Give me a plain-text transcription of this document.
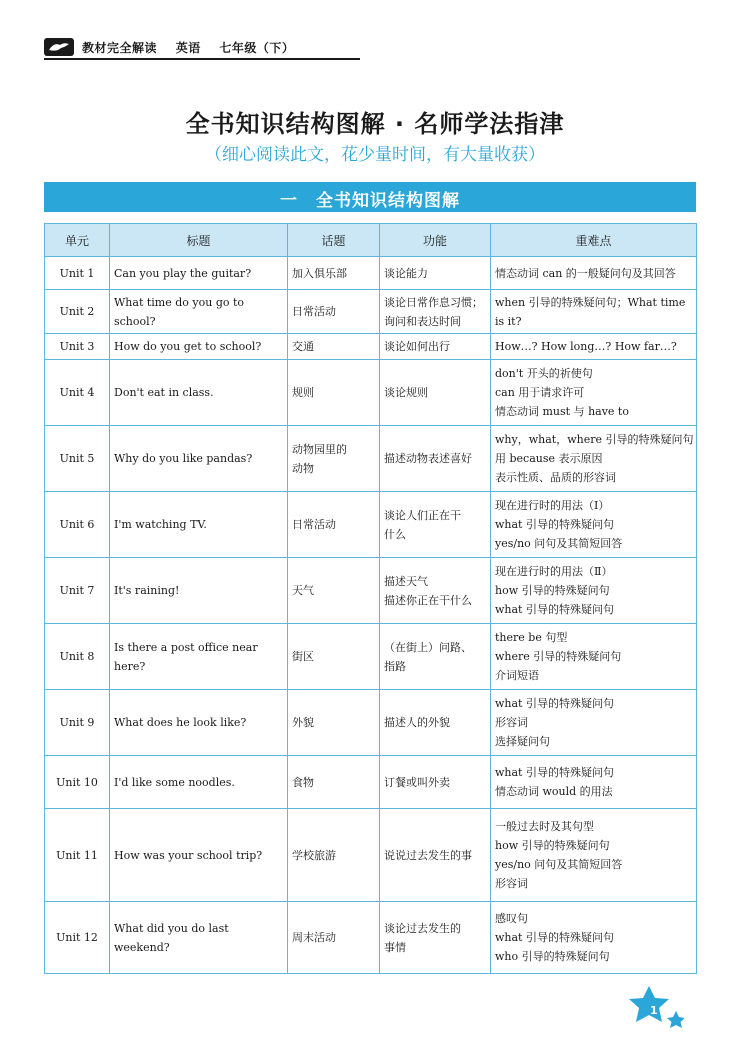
教材完全解读 英语 七年级（下）
全书知识结构图解 · 名师学法指津
（细心阅读此文，花少量时间，有大量收获）
一　全书知识结构图解
单元	标题	话题	功能	重难点
Unit 1	Can you play the guitar?	加入俱乐部	谈论能力	情态动词 can 的一般疑问句及其回答

Unit 2	What time do you go to school?	日常活动	谈论日常作息习惯；
询问和表达时间	when 引导的特殊疑问句；What time
is it?

Unit 3	How do you get to school?	交通	谈论如何出行	How…? How long…? How far…?

Unit 4	Don't eat in class.	规则	谈论规则	don't 开头的祈使句
can 用于请求许可
情态动词 must 与 have to

Unit 5	Why do you like pandas?	动物园里的
动物	描述动物表述喜好	why，what，where 引导的特殊疑问句
用 because 表示原因
表示性质、品质的形容词

Unit 6	I'm watching TV.	日常活动	谈论人们正在干
什么	现在进行时的用法（Ⅰ）
what 引导的特殊疑问句
yes/no 问句及其简短回答

Unit 7	It's raining!	天气	描述天气
描述你正在干什么	现在进行时的用法（Ⅱ）
how 引导的特殊疑问句
what 引导的特殊疑问句

Unit 8	Is there a post office near here?	街区	（在街上）问路、
指路	there be 句型
where 引导的特殊疑问句
介词短语

Unit 9	What does he look like?	外貌	描述人的外貌	what 引导的特殊疑问句
形容词
选择疑问句

Unit 10	I'd like some noodles.	食物	订餐或叫外卖	what 引导的特殊疑问句
情态动词 would 的用法

Unit 11	How was your school trip?	学校旅游	说说过去发生的事	一般过去时及其句型
how 引导的特殊疑问句
yes/no 问句及其简短回答
形容词

Unit 12	What did you do last weekend?	周末活动	谈论过去发生的
事情	感叹句
what 引导的特殊疑问句
who 引导的特殊疑问句
1
